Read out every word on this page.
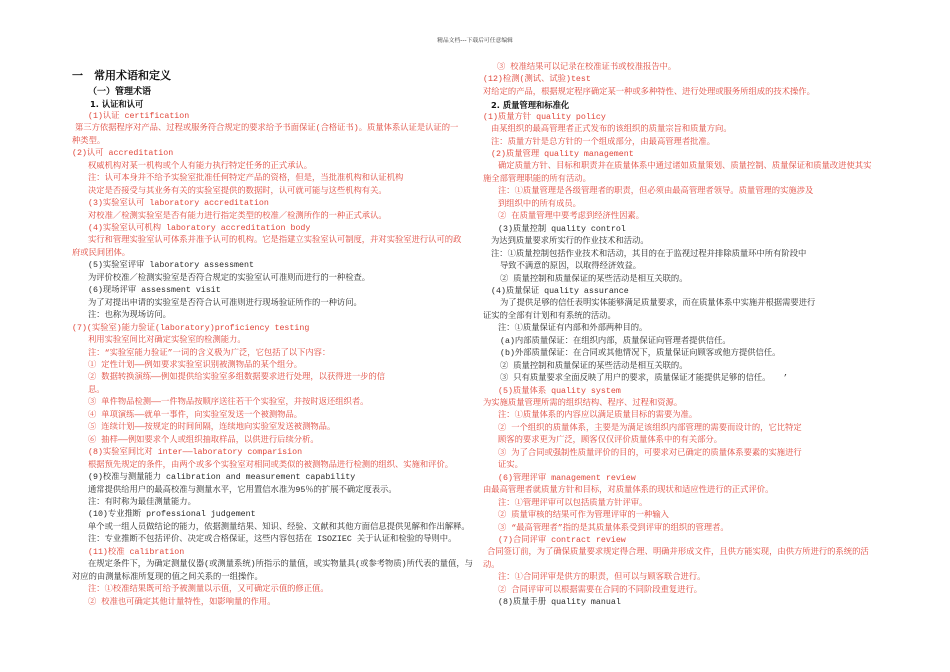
精品文档---下载后可任意编辑
一　常用术语和定义
（一）管理术语
1. 认证和认可
(1)认证 certification
第三方依据程序对产品、过程或服务符合规定的要求给予书面保证(合格证书)。质量体系认证是认证的一
种类型。
(2)认可 accreditation
权威机构对某一机构或个人有能力执行特定任务的正式承认。
注：认可本身并不给予实验室批准任何特定产品的资格，但是，当批准机构和认证机构
决定是否接受与其业务有关的实验室提供的数据时，认可就可能与这些机构有关。
(3)实验室认可 laboratory accreditation
对校准／检测实验室是否有能力进行指定类型的校准／检测所作的一种正式承认。
(4)实验室认可机构 laboratory accreditation body
实行和管理实验室认可体系并准予认可的机构。它是指建立实验室认可制度，并对实验室进行认可的政
府或民间团体。
(5)实验室评审 laboratory assessment
为评价校准／检测实验室是否符合规定的实验室认可准则而进行的一种检查。
(6)现场评审 assessment visit
为了对提出申请的实验室是否符合认可准则进行现场验证所作的一种访问。
注：也称为现场访问。
(7)(实验室)能力验证(laboratory)proficiency testing
利用实验室间比对确定实验室的检测能力。
注：“实验室能力验证”一词的含义极为广泛，它包括了以下内容：
① 定性计划——例如要求实验室识别被测物品的某个组分。
② 数据转换演练——例如提供给实验室多组数据要求进行处理，以获得进一步的信
息。
③ 单件物品检测——一件物品按顺序送往若干个实验室，并按时返还组织者。
④ 单项演练——就单一事件，向实验室发送一个被测物品。
⑤ 连续计划——按规定的时间间隔，连续地向实验室发送被测物品。
⑥ 抽样——例如要求个人或组织抽取样品，以供进行后续分析。
(8)实验室间比对 inter——laboratory comparision
根据预先规定的条件，由两个或多个实验室对相同或类似的被测物品进行检测的组织、实施和评价。
(9)校准与测量能力 calibration and measurement capability
通常提供给用户的最高校准与测量水平，它用置信水准为95％的扩展不确定度表示。
注：有时称为最佳测量能力。
(10)专业推断 professional judgement
单个或一组人员做结论的能力，依据测量结果、知识、经验、文献和其他方面信息提供见解和作出解释。
注：专业推断不包括评价、决定或合格保证，这些内容包括在 ISOZIEC 关于认证和检验的导则中。
(11)校准 calibration
在规定条件下，为确定测量仪器(或测量系统)所指示的量值，或实物量具(或参考物质)所代表的量值，与
对应的由测量标准所复现的值之间关系的一组操作。
注：①校准结果既可给予被测量以示值，又可确定示值的修正值。
② 校准也可确定其他计量特性，如影响量的作用。
③ 校准结果可以记录在校准证书或校准报告中。
(12)检测(测试、试验)test
对给定的产品，根据规定程序确定某一种或多种特性、进行处理或服务所组成的技术操作。
2. 质量管理和标准化
(1)质量方针 quality policy
由某组织的最高管理者正式发布的该组织的质量宗旨和质量方向。
注：质量方针是总方针的一个组成部分，由最高管理者批准。
(2)质量管理 quality management
确定质量方针、目标和职责并在质量体系中通过诸如质量策划、质量控制、质量保证和质量改进使其实
施全部管理职能的所有活动。
注：①质量管理是各级管理者的职责，但必须由最高管理者领导。质量管理的实施涉及
到组织中的所有成员。
② 在质量管理中要考虑到经济性因素。
(3)质量控制 quality control
为达到质量要求所实行的作业技术和活动。
注：①质量控制包括作业技术和活动，其目的在于监视过程并排除质量环中所有阶段中
导致不满意的原因，以取得经济效益。
② 质量控制和质量保证的某些活动是相互关联的。
(4)质量保证 quality assurance
为了提供足够的信任表明实体能够满足质量要求，而在质量体系中实施并根据需要进行
证实的全部有计划和有系统的活动。
注：①质量保证有内部和外部两种目的。
(a)内部质量保证：在组织内部，质量保证向管理者提供信任。
(b)外部质量保证：在合同或其他情况下，质量保证向顾客或他方提供信任。
② 质量控制和质量保证的某些活动是相互关联的。
③ 只有质量要求全面反映了用户的要求，质量保证才能提供足够的信任。　　’
(5)质量体系 quality system
为实施质量管理所需的组织结构、程序、过程和资源。
注：①质量体系的内容应以满足质量目标的需要为准。
② 一个组织的质量体系，主要是为满足该组织内部管理的需要而设计的，它比特定
顾客的要求更为广泛，顾客仅仅评价质量体系中的有关部分。
③ 为了合同或强制性质量评价的目的，可要求对已确定的质量体系要素的实施进行
证实。
(6)管理评审 management review
由最高管理者就质量方针和目标，对质量体系的现状和适应性进行的正式评价。
注：①管理评审可以包括质量方针评审。
② 质量审核的结果可作为管理评审的一种输入
③ “最高管理者”指的是其质量体系受到评审的组织的管理者。
(7)合同评审 contract review
合同签订前，为了确保质量要求规定得合理、明确并形成文件，且供方能实现，由供方所进行的系统的活
动。
注：①合同评审是供方的职责，但可以与顾客联合进行。
② 合同评审可以根据需要在合同的不同阶段重复进行。
(8)质量手册 quality manual
